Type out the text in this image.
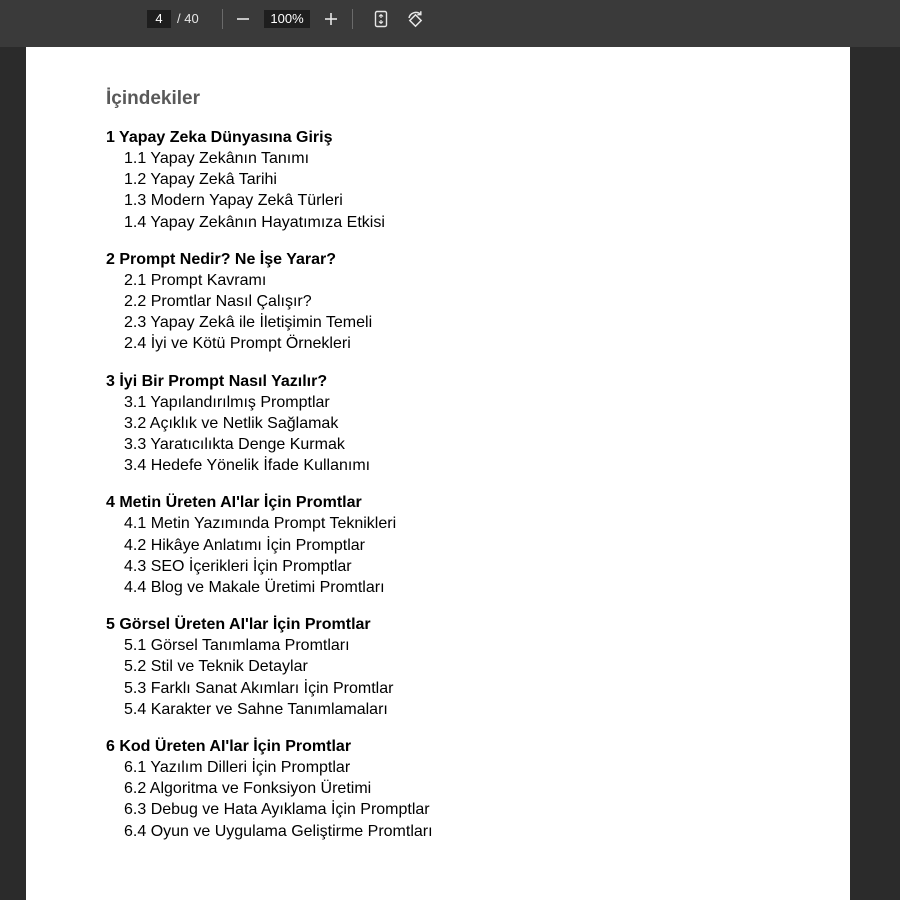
4	/ 40	100%
İçindekiler
1 Yapay Zeka Dünyasına Giriş
1.1 Yapay Zekânın Tanımı
1.2 Yapay Zekâ Tarihi
1.3 Modern Yapay Zekâ Türleri
1.4 Yapay Zekânın Hayatımıza Etkisi
2 Prompt Nedir? Ne İşe Yarar?
2.1 Prompt Kavramı
2.2 Promtlar Nasıl Çalışır?
2.3 Yapay Zekâ ile İletişimin Temeli
2.4 İyi ve Kötü Prompt Örnekleri
3 İyi Bir Prompt Nasıl Yazılır?
3.1 Yapılandırılmış Promptlar
3.2 Açıklık ve Netlik Sağlamak
3.3 Yaratıcılıkta Denge Kurmak
3.4 Hedefe Yönelik İfade Kullanımı
4 Metin Üreten AI'lar İçin Promtlar
4.1 Metin Yazımında Prompt Teknikleri
4.2 Hikâye Anlatımı İçin Promptlar
4.3 SEO İçerikleri İçin Promptlar
4.4 Blog ve Makale Üretimi Promtları
5 Görsel Üreten AI'lar İçin Promtlar
5.1 Görsel Tanımlama Promtları
5.2 Stil ve Teknik Detaylar
5.3 Farklı Sanat Akımları İçin Promtlar
5.4 Karakter ve Sahne Tanımlamaları
6 Kod Üreten AI'lar İçin Promtlar
6.1 Yazılım Dilleri İçin Promptlar
6.2 Algoritma ve Fonksiyon Üretimi
6.3 Debug ve Hata Ayıklama İçin Promptlar
6.4 Oyun ve Uygulama Geliştirme Promtları
